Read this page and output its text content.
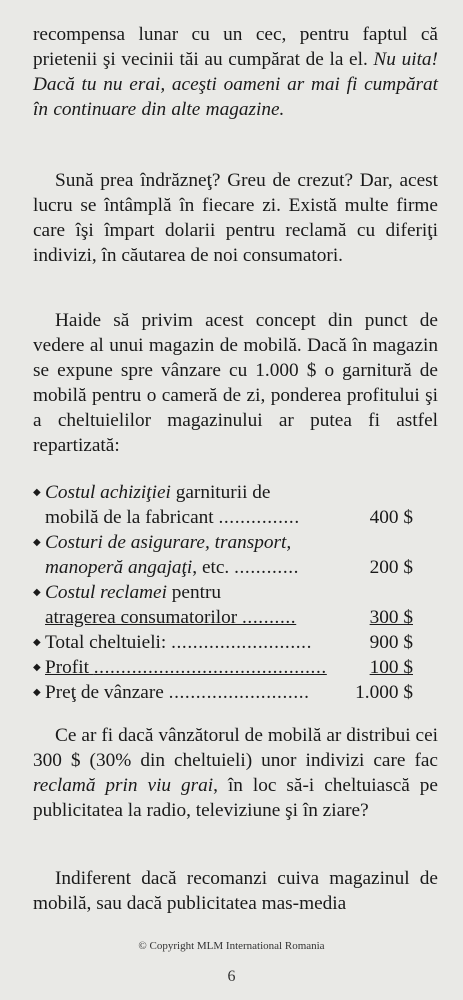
recompensa lunar cu un cec, pentru faptul că prietenii şi vecinii tăi au cumpărat de la el. Nu uita! Dacă tu nu erai, aceşti oameni ar mai fi cumpărat în continuare din alte magazine.

Sună prea îndrăzneţ? Greu de crezut? Dar, acest lucru se întâmplă în fiecare zi. Există multe firme care îşi împart dolarii pentru reclamă cu diferiţi indivizi, în căutarea de noi consumatori.

Haide să privim acest concept din punct de vedere al unui magazin de mobilă. Dacă în magazin se expune spre vânzare cu 1.000 $ o garnitură de mobilă pentru o cameră de zi, ponderea profitului şi a cheltuielilor magazinului ar putea fi astfel repartizată:

◆ Costul achiziţiei garniturii de
mobilă de la fabricant ...............	400 $
◆ Costuri de asigurare, transport,
manoperă angajaţi, etc. ............	200 $
◆ Costul reclamei pentru
atragerea consumatorilor ..........	300 $
◆ Total cheltuieli: ..........................	900 $
◆ Profit ........................................... 100 $
◆ Preţ de vânzare .......................... 1.000 $

Ce ar fi dacă vânzătorul de mobilă ar distribui cei 300 $ (30% din cheltuieli) unor indivizi care fac reclamă prin viu grai, în loc să-i cheltuiască pe publicitatea la radio, televiziune şi în ziare?

Indiferent dacă recomanzi cuiva magazinul de mobilă, sau dacă publicitatea mas-media

© Copyright MLM International Romania
6
